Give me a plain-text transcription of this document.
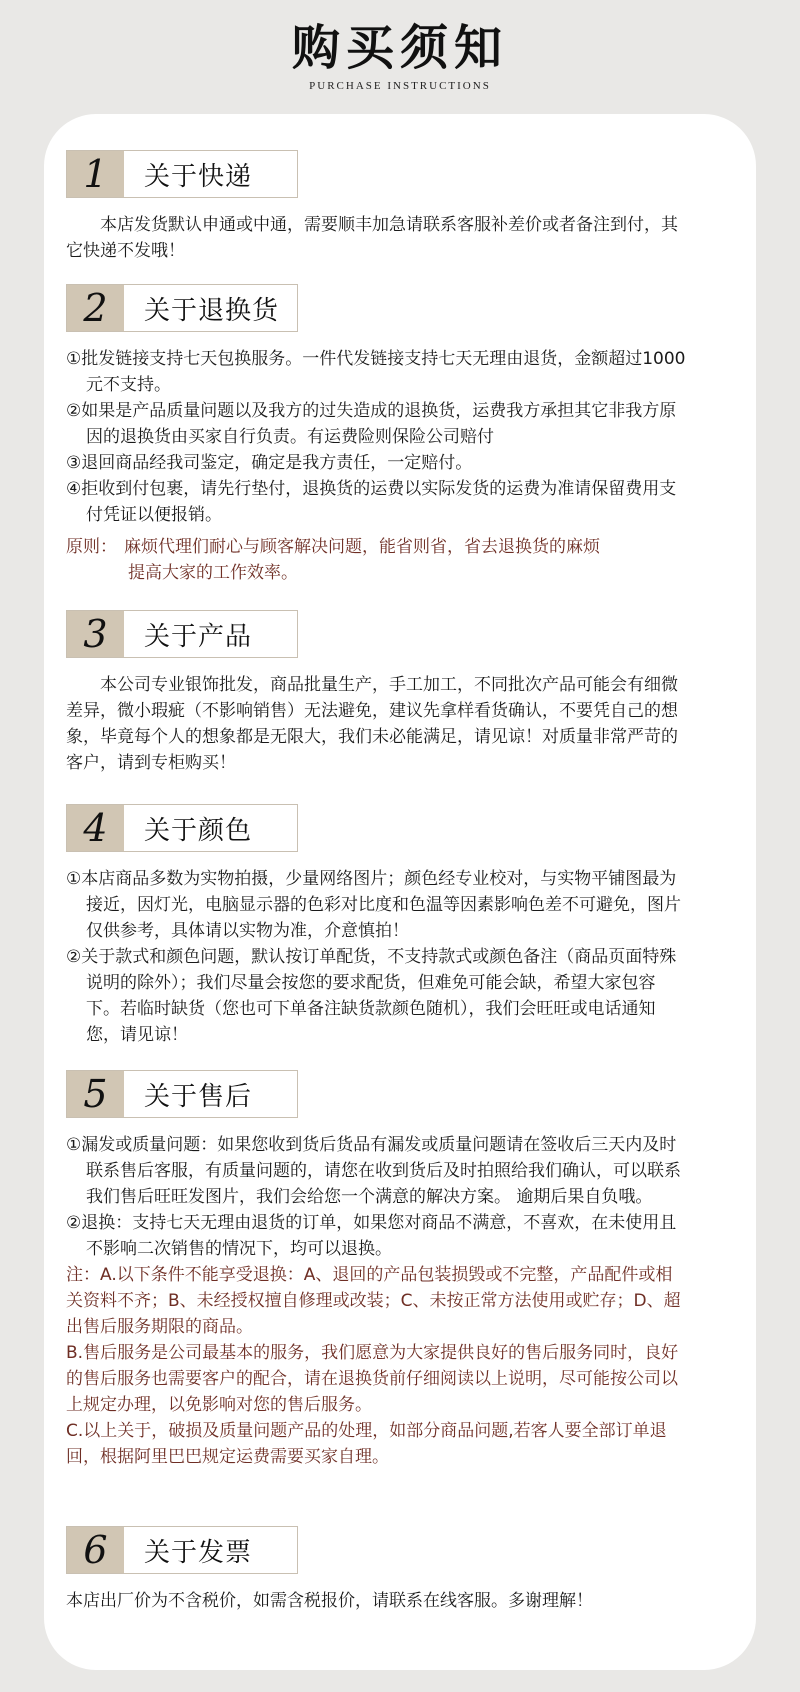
购买须知
PURCHASE INSTRUCTIONS
1	关于快递

本店发货默认申通或中通，需要顺丰加急请联系客服补差价或者备注到付，其它快递不发哦！

2	关于退换货

①批发链接支持七天包换服务。一件代发链接支持七天无理由退货，金额超过1000元不支持。

②如果是产品质量问题以及我方的过失造成的退换货，运费我方承担其它非我方原因的退换货由买家自行负责。有运费险则保险公司赔付

③退回商品经我司鉴定，确定是我方责任，一定赔付。

④拒收到付包裹，请先行垫付，退换货的运费以实际发货的运费为准请保留费用支付凭证以便报销。

原则： 麻烦代理们耐心与顾客解决问题，能省则省，省去退换货的麻烦
提高大家的工作效率。
3	关于产品

本公司专业银饰批发，商品批量生产，手工加工，不同批次产品可能会有细微差异，微小瑕疵（不影响销售）无法避免，建议先拿样看货确认，不要凭自己的想象，毕竟每个人的想象都是无限大，我们未必能满足，请见谅！对质量非常严苛的客户，请到专柜购买！

4	关于颜色

①本店商品多数为实物拍摄，少量网络图片；颜色经专业校对，与实物平铺图最为接近，因灯光，电脑显示器的色彩对比度和色温等因素影响色差不可避免，图片仅供参考，具体请以实物为准，介意慎拍！

②关于款式和颜色问题，默认按订单配货，不支持款式或颜色备注（商品页面特殊说明的除外）；我们尽量会按您的要求配货，但难免可能会缺，希望大家包容下。若临时缺货（您也可下单备注缺货款颜色随机），我们会旺旺或电话通知您，请见谅！

5	关于售后

①漏发或质量问题：如果您收到货后货品有漏发或质量问题请在签收后三天内及时联系售后客服，有质量问题的，请您在收到货后及时拍照给我们确认，可以联系我们售后旺旺发图片，我们会给您一个满意的解决方案。 逾期后果自负哦。

②退换：支持七天无理由退货的订单，如果您对商品不满意，不喜欢，在未使用且不影响二次销售的情况下，均可以退换。

注：A.以下条件不能享受退换：A、退回的产品包装损毁或不完整，产品配件或相关资料不齐；B、未经授权擅自修理或改装；C、未按正常方法使用或贮存；D、超出售后服务期限的商品。

B.售后服务是公司最基本的服务，我们愿意为大家提供良好的售后服务同时，良好的售后服务也需要客户的配合，请在退换货前仔细阅读以上说明，尽可能按公司以上规定办理，以免影响对您的售后服务。

C.以上关于，破损及质量问题产品的处理，如部分商品问题,若客人要全部订单退回，根据阿里巴巴规定运费需要买家自理。

6	关于发票

本店出厂价为不含税价，如需含税报价，请联系在线客服。多谢理解！
